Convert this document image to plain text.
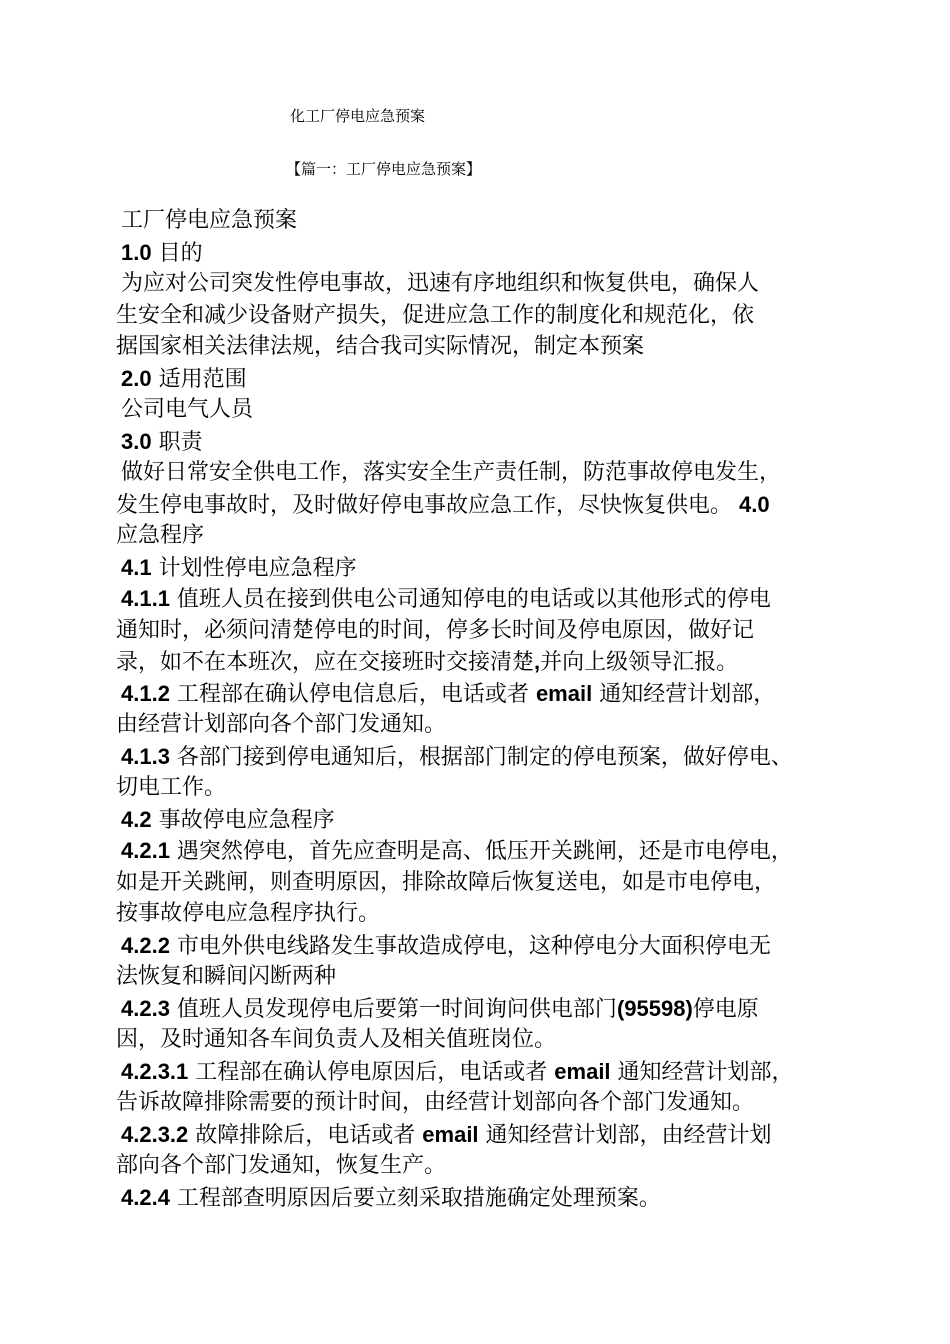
化工厂停电应急预案
【篇一：工厂停电应急预案】
工厂停电应急预案
1.0 目的
为应对公司突发性停电事故，迅速有序地组织和恢复供电，确保人
生安全和减少设备财产损失，促进应急工作的制度化和规范化，依
据国家相关法律法规，结合我司实际情况，制定本预案
2.0 适用范围
公司电气人员
3.0 职责
做好日常安全供电工作，落实安全生产责任制，防范事故停电发生，
发生停电事故时，及时做好停电事故应急工作，尽快恢复供电。 4.0
应急程序
4.1 计划性停电应急程序
4.1.1 值班人员在接到供电公司通知停电的电话或以其他形式的停电
通知时，必须问清楚停电的时间，停多长时间及停电原因，做好记
录，如不在本班次，应在交接班时交接清楚,并向上级领导汇报。
4.1.2 工程部在确认停电信息后，电话或者 email 通知经营计划部，
由经营计划部向各个部门发通知。
4.1.3 各部门接到停电通知后，根据部门制定的停电预案，做好停电、
切电工作。
4.2 事故停电应急程序
4.2.1 遇突然停电，首先应查明是高、低压开关跳闸，还是市电停电，
如是开关跳闸，则查明原因，排除故障后恢复送电，如是市电停电，
按事故停电应急程序执行。
4.2.2 市电外供电线路发生事故造成停电，这种停电分大面积停电无
法恢复和瞬间闪断两种
4.2.3 值班人员发现停电后要第一时间询问供电部门(95598)停电原
因，及时通知各车间负责人及相关值班岗位。
4.2.3.1 工程部在确认停电原因后，电话或者 email 通知经营计划部，
告诉故障排除需要的预计时间，由经营计划部向各个部门发通知。
4.2.3.2 故障排除后，电话或者 email 通知经营计划部，由经营计划
部向各个部门发通知，恢复生产。
4.2.4 工程部查明原因后要立刻采取措施确定处理预案。
